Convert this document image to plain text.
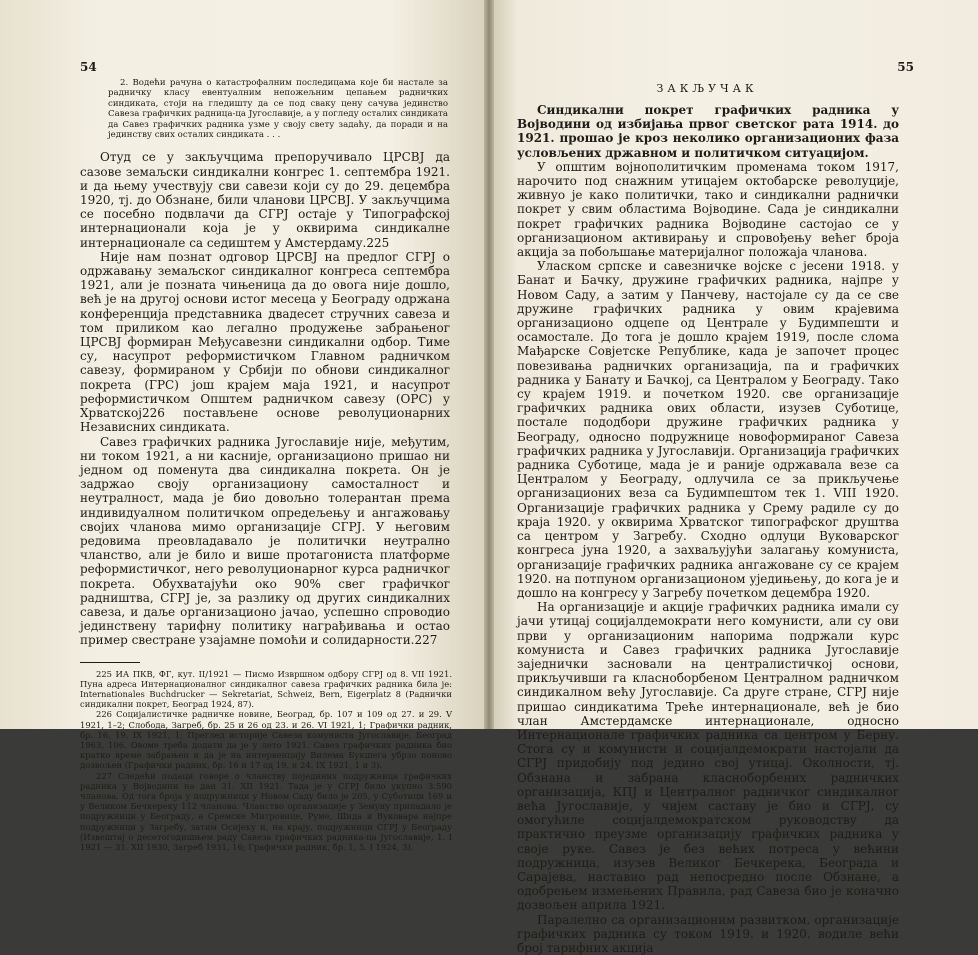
54

2. Водећи рачуна о катастрофалним последицама које би настале за радничку класу евентуалним непожељним цепањем радничких синдиката, стоји на гледишту да се под сваку цену сачува јединство Савеза графичких радница-ца Југославије, а у погледу осталих синдиката да Савез графичких радника узме у своју свету задаћу, да поради и на јединству свих осталих синдиката . . .

Отуд се у закључцима препоручивало ЦРСВЈ да сазове земаљски синдикални конгрес 1. септембра 1921. и да њему учествују сви савези који су до 29. децембра 1920, тј. до Обзнане, били чланови ЦРСВЈ. У закључцима се посебно подвлачи да СГРЈ остаје у Типографској интернационали која је у оквирима синдикалне интернационале са седиштем у Амстердаму.225

Није нам познат одговор ЦРСВЈ на предлог СГРЈ о одржавању земаљског синдикалног конгреса септембра 1921, али је позната чињеница да до овога није дошло, већ је на другој основи истог месеца у Београду одржана конференција представника двадесет стручних савеза и том приликом као легално продужење забрањеног ЦРСВЈ формиран Међусавезни синдикални одбор. Тиме су, насупрот реформистичком Главном радничком савезу, формираном у Србији по обнови синдикалног покрета (ГРС) још крајем маја 1921, и насупрот реформистичком Општем радничком савезу (ОРС) у Хрватској226 постављене основе револуционарних Независних синдиката.

Савез графичких радника Југославије није, међутим, ни током 1921, а ни касније, организационо пришао ни једном од поменута два синдикална покрета. Он је задржао своју организациону самосталност и неутралност, мада је био довољно толерантан према индивидуалном политичком опредељењу и ангажовању својих чланова мимо организације СГРЈ. У његовим редовима преовладавало је политички неутрално чланство, али је било и више протагониста платформе реформистичког, него револуционарног курса радничког покрета. Обухватајући око 90% свег графичког радништва, СГРЈ је, за разлику од других синдикалних савеза, и даље организационо јачао, успешно спроводио јединствену тарифну политику награђивања и остао пример свестране узајамне помоћи и солидарности.227

225 ИА ПКВ, ФГ, кут. II/1921 — Писмо Извршном одбору СГРЈ од 8. VII 1921. Пуна адреса Интернационалног синдикалног савеза графичких радника била је: Internationales Buchdrucker — Sekretariat, Schweiz, Bern, Eigerplatz 8 (Раднички синдикални покрет, Београд 1924, 87).

226 Социјалистичке радничке новине, Београд, бр. 107 и 109 од 27. и 29. V 1921, 1–2; Слобода, Загреб, бр. 25 и 26 од 23. и 26. VI 1921, 1; Графички радник, бр. 16, 19. IX 1921, 1; Преглед историје Савеза комуниста Југославије, Београд 1963, 106. Овоме треба додати да је у лето 1921. Савез графичких радника био кратко време забрањен и да је на интервенцију Вилема Букшега убрзо поново дозвољен (Графички радник, бр. 16 и 17 од 19. и 24. IX 1921, 1 и 3).

227 Следећи подаци говоре о чланству појединих подружница графичких радника у Војводини на дан 31. XII 1921. Тада је у СГРЈ било укупно 3.590 чланова. Од тога броја у подружници у Новом Саду било је 205, у Суботици 169 и у Великом Бечкереку 112 чланова. Чланство организације у Земуну припадало је подружници у Београду, а Сремске Митровице, Руме, Шида и Вуковара најпре подружници у Загребу, затим Осијеку и, на крају, подружници СГРЈ у Београду (Извештај о десетогодишњем раду Савеза графичких радника-ца Југославије, 1. I 1921 — 31. XII 1930, Загреб 1931, 16; Графички радник, бр. 1, 5. I 1924, 3).

55
ЗАКЉУЧАК

Синдикални покрет графичких радника у Војводини од избијања првог светског рата 1914. до 1921. прошао је кроз неколико организационих фаза условљених државном и политичком ситуацијом.

У општим војнополитичким променама током 1917, нарочито под снажним утицајем октобарске револуције, живнуо је како политички, тако и синдикални раднички покрет у свим областима Војводине. Сада је синдикални покрет графичких радника Војводине састојао се у организационом активирању и спровођењу већег броја акција за побољшање материјалног положаја чланова.

Уласком српске и савезничке војске с јесени 1918. у Банат и Бачку, дружине графичких радника, најпре у Новом Саду, а затим у Панчеву, настојале су да се све дружине графичких радника у овим крајевима организационо одцепе од Централе у Будимпешти и осамостале. До тога је дошло крајем 1919, после слома Мађарске Совјетске Републике, када је започет процес повезивања радничких организација, па и графичких радника у Банату и Бачкој, са Централом у Београду. Тако су крајем 1919. и почетком 1920. све организације графичких радника ових области, изузев Суботице, постале пододбори дружине графичких радника у Београду, односно подружнице новоформираног Савеза графичких радника у Југославији. Организација графичких радника Суботице, мада је и раније одржавала везе са Централом у Београду, одлучила се за прикључење организационих веза са Будимпештом тек 1. VIII 1920. Организације графичких радника у Срему радиле су до краја 1920. у оквирима Хрватског типографског друштва са центром у Загребу. Сходно одлуци Вуковарског конгреса јуна 1920, а захваљујући залагању комуниста, организације графичких радника ангажоване су се крајем 1920. на потпуном организационом уједињењу, до кога је и дошло на конгресу у Загребу почетком децембра 1920.

На организације и акције графичких радника имали су јачи утицај социјалдемократи него комунисти, али су ови први у организационим напорима подржали курс комуниста и Савез графичких радника Југославије заједнички засновали на централистичкој основи, прикључивши га класноборбеном Централном радничком синдикалном већу Југославије. Са друге стране, СГРЈ није пришао синдикатима Треће интернационале, већ је био члан Амстердамске интернационале, односно Интернационале графичких радника са центром у Берну. Стога су и комунисти и социјалдемократи настојали да СГРЈ придобију под једино свој утицај. Околности, тј. Обзнана и забрана класноборбених радничких организација, КПЈ и Централног радничког синдикалног већа Југославије, у чијем саставу је био и СГРЈ, су омогућиле социјалдемократском руководству да практично преузме организацију графичких радника у своје руке. Савез је без већих потреса у већини подружница, изузев Великог Бечкерека, Београда и Сарајева, наставио рад непосредно после Обзнане, а одобрењем измењених Правила, рад Савеза био је коначно дозвољен априла 1921.

Паралелно са организационим развитком, организације графичких радника су током 1919. и 1920. водиле већи број тарифних акција
